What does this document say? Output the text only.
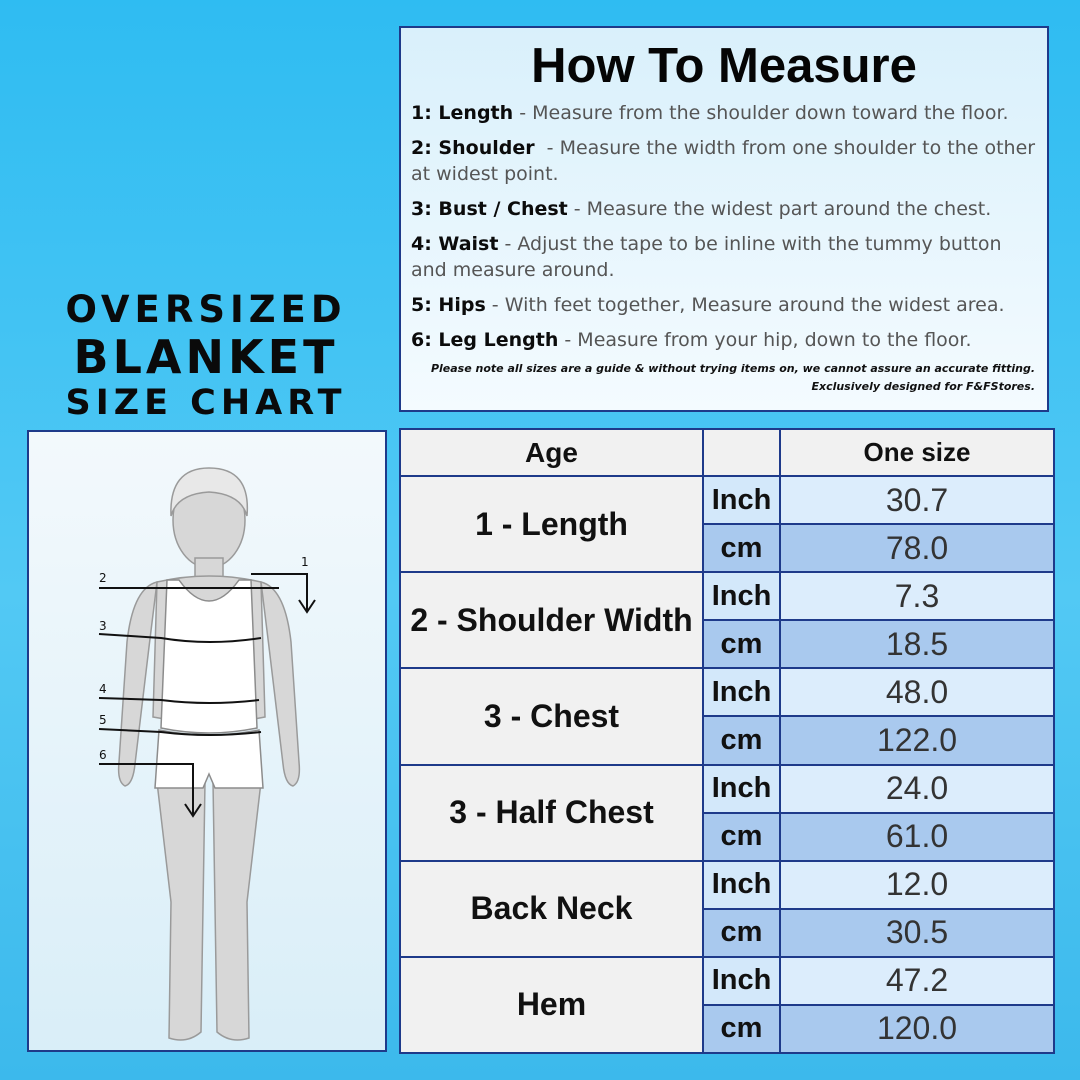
OVERSIZED
BLANKET
SIZE CHART
How To Measure
1: Length - Measure from the shoulder down toward the floor.
2: Shoulder  - Measure the width from one shoulder to the other at widest point.
3: Bust / Chest - Measure the widest part around the chest.
4: Waist - Adjust the tape to be inline with the tummy button and measure around.
5: Hips - With feet together, Measure around the widest area.
6: Leg Length - Measure from your hip, down to the floor.
Please note all sizes are a guide & without trying items on, we cannot assure an accurate fitting.
Exclusively designed for F&FStores.
1
2
3
4
5
6
Age		One size
1 - Length	Inch	30.7
	cm	78.0
2 - Shoulder Width	Inch	7.3
	cm	18.5
3 - Chest	Inch	48.0
	cm	122.0
3 - Half Chest	Inch	24.0
	cm	61.0
Back Neck	Inch	12.0
	cm	30.5
Hem	Inch	47.2
	cm	120.0
